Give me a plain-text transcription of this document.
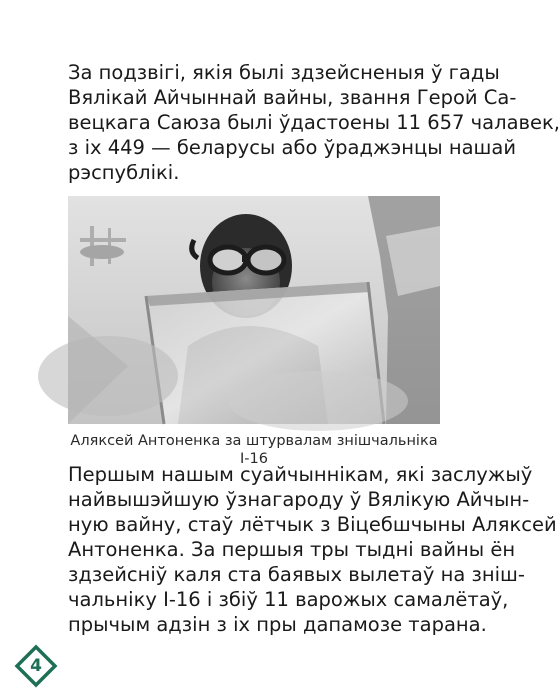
За подзвігі, якія былі здзейсненыя ў гады
Вялікай Айчыннай вайны, звання Герой Са-
вецкага Саюза былі ўдастоены 11 657 чалавек,
з іх 449 — беларусы або ўраджэнцы нашай
рэспублікі.
Аляксей Антоненка за штурвалам знішчальніка І-16
Першым нашым суайчыннікам, які заслужыў
найвышэйшую ўзнагароду ў Вялікую Айчын-
ную вайну, стаў лётчык з Віцебшчыны Аляксей
Антоненка. За першыя тры тыдні вайны ён
здзейсніў каля ста баявых вылетаў на зніш-
чальніку І-16 і збіў 11 варожых самалётаў,
прычым адзін з іх пры дапамозе тарана.
4
